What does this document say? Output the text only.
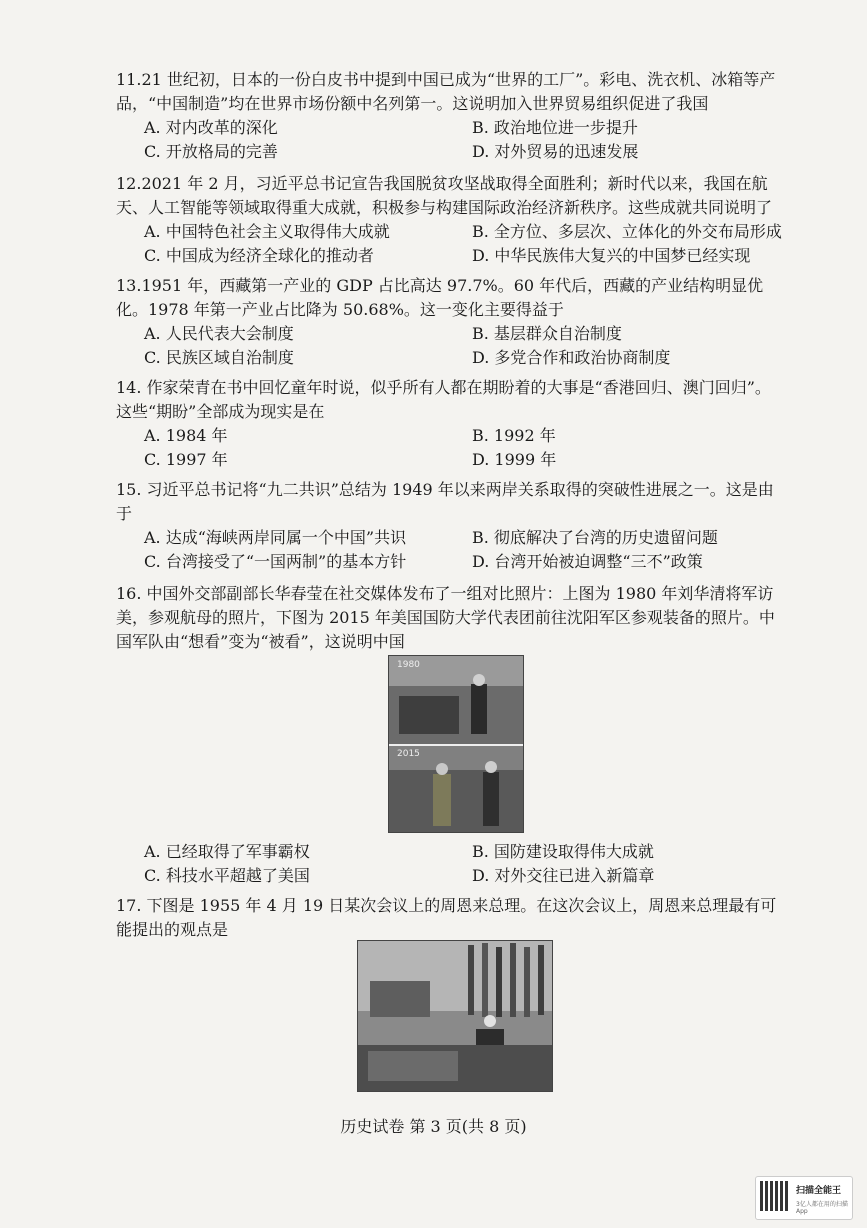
11.21 世纪初，日本的一份白皮书中提到中国已成为“世界的工厂”。彩电、洗衣机、冰箱等产品，“中国制造”均在世界市场份额中名列第一。这说明加入世界贸易组织促进了我国
A. 对内改革的深化	B. 政治地位进一步提升
C. 开放格局的完善	D. 对外贸易的迅速发展
12.2021 年 2 月，习近平总书记宣告我国脱贫攻坚战取得全面胜利；新时代以来，我国在航天、人工智能等领域取得重大成就，积极参与构建国际政治经济新秩序。这些成就共同说明了
A. 中国特色社会主义取得伟大成就	B. 全方位、多层次、立体化的外交布局形成
C. 中国成为经济全球化的推动者	D. 中华民族伟大复兴的中国梦已经实现
13.1951 年，西藏第一产业的 GDP 占比高达 97.7%。60 年代后，西藏的产业结构明显优化。1978 年第一产业占比降为 50.68%。这一变化主要得益于
A. 人民代表大会制度	B. 基层群众自治制度
C. 民族区域自治制度	D. 多党合作和政治协商制度
14. 作家荣青在书中回忆童年时说，似乎所有人都在期盼着的大事是“香港回归、澳门回归”。这些“期盼”全部成为现实是在
A. 1984 年	B. 1992 年
C. 1997 年	D. 1999 年
15. 习近平总书记将“九二共识”总结为 1949 年以来两岸关系取得的突破性进展之一。这是由于
A. 达成“海峡两岸同属一个中国”共识	B. 彻底解决了台湾的历史遗留问题
C. 台湾接受了“一国两制”的基本方针	D. 台湾开始被迫调整“三不”政策
16. 中国外交部副部长华春莹在社交媒体发布了一组对比照片：上图为 1980 年刘华清将军访美，参观航母的照片，下图为 2015 年美国国防大学代表团前往沈阳军区参观装备的照片。中国军队由“想看”变为“被看”，这说明中国
1980
2015
A. 已经取得了军事霸权	B. 国防建设取得伟大成就
C. 科技水平超越了美国	D. 对外交往已进入新篇章
17. 下图是 1955 年 4 月 19 日某次会议上的周恩来总理。在这次会议上，周恩来总理最有可能提出的观点是
历史试卷 第 3 页(共 8 页)
扫描全能王
3亿人都在用的扫描App
